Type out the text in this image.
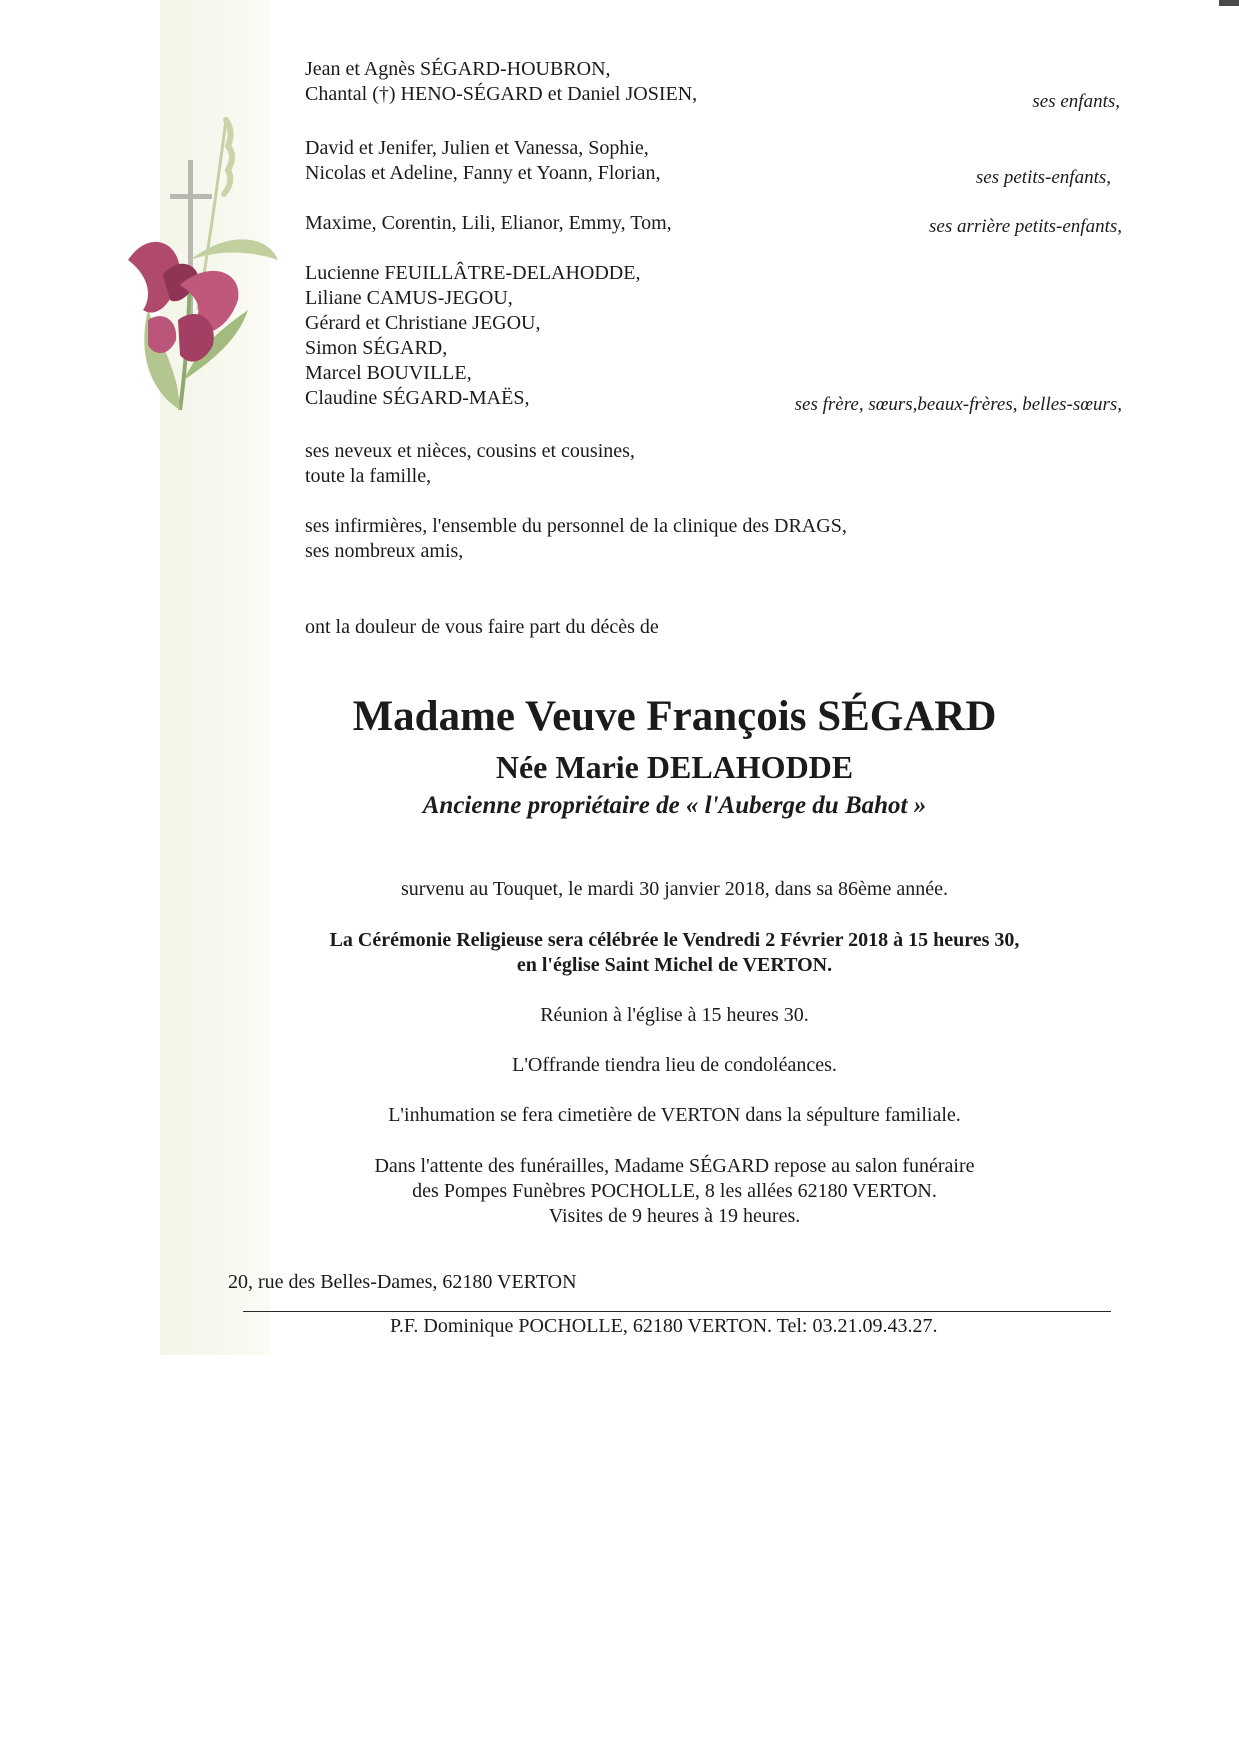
Jean et Agnès SÉGARD-HOUBRON,
Chantal (†) HENO-SÉGARD et Daniel JOSIEN,	ses enfants,
David et Jenifer, Julien et Vanessa, Sophie,
Nicolas et Adeline, Fanny et Yoann, Florian,	ses petits-enfants,
Maxime, Corentin, Lili, Elianor, Emmy, Tom,	ses arrière petits-enfants,
Lucienne FEUILLÂTRE-DELAHODDE,
Liliane CAMUS-JEGOU,
Gérard et Christiane JEGOU,
Simon SÉGARD,
Marcel BOUVILLE,
Claudine SÉGARD-MAËS,	ses frère, sœurs,beaux-frères, belles-sœurs,
ses neveux et nièces, cousins et cousines,
toute la famille,
ses infirmières, l'ensemble du personnel de la clinique des DRAGS,
ses nombreux amis,
ont la douleur de vous faire part du décès de
Madame Veuve François SÉGARD
Née Marie DELAHODDE
Ancienne propriétaire de « l'Auberge du Bahot »
survenu au Touquet, le mardi 30 janvier 2018, dans sa 86ème année.
La Cérémonie Religieuse sera célébrée le Vendredi 2 Février 2018 à 15 heures 30,
en l'église Saint Michel de VERTON.
Réunion à l'église à 15 heures 30.
L'Offrande tiendra lieu de condoléances.
L'inhumation se fera cimetière de VERTON dans la sépulture familiale.
Dans l'attente des funérailles, Madame SÉGARD repose au salon funéraire
des Pompes Funèbres POCHOLLE, 8 les allées 62180 VERTON.
Visites de 9 heures à 19 heures.
20, rue des Belles-Dames, 62180 VERTON
P.F. Dominique POCHOLLE, 62180 VERTON. Tel: 03.21.09.43.27.
